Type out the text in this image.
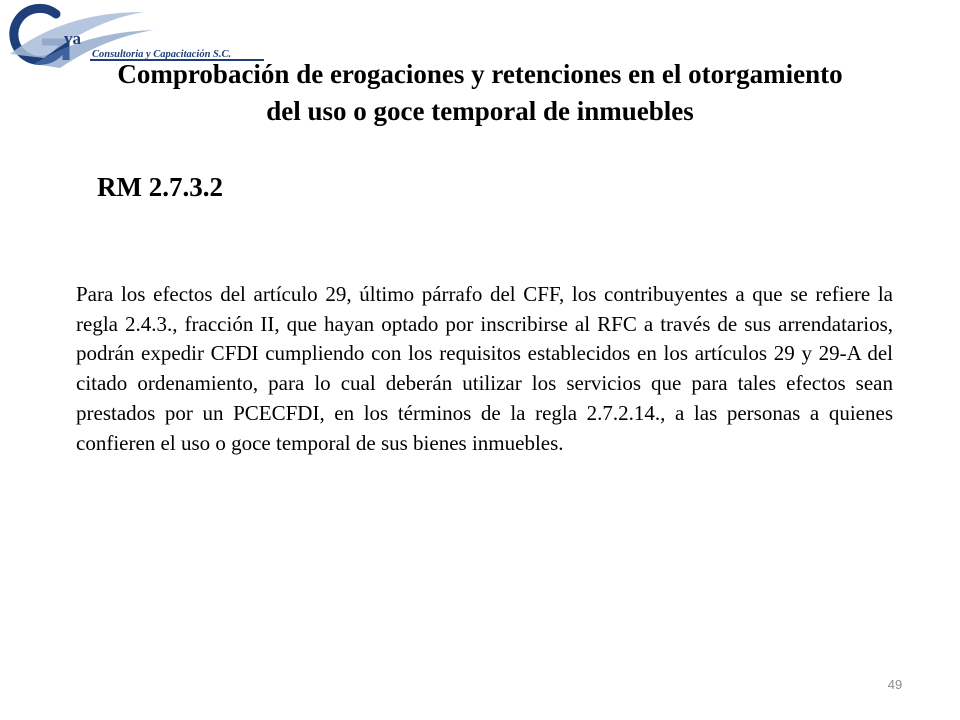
Comprobación de erogaciones y retenciones en el otorgamiento
del uso o goce temporal de inmuebles
va
Consultoria y Capacitación S.C.
RM 2.7.3.2

Para los efectos del artículo 29, último párrafo del CFF, los contribuyentes a que se refiere la regla 2.4.3., fracción II, que hayan optado por inscribirse al RFC a través de sus arrendatarios, podrán expedir CFDI cumpliendo con los requisitos establecidos en los artículos 29 y 29-A del citado ordenamiento, para lo cual deberán utilizar los servicios que para tales efectos sean prestados por un PCECFDI, en los términos de la regla 2.7.2.14., a las personas a quienes confieren el uso o goce temporal de sus bienes inmuebles.

49
